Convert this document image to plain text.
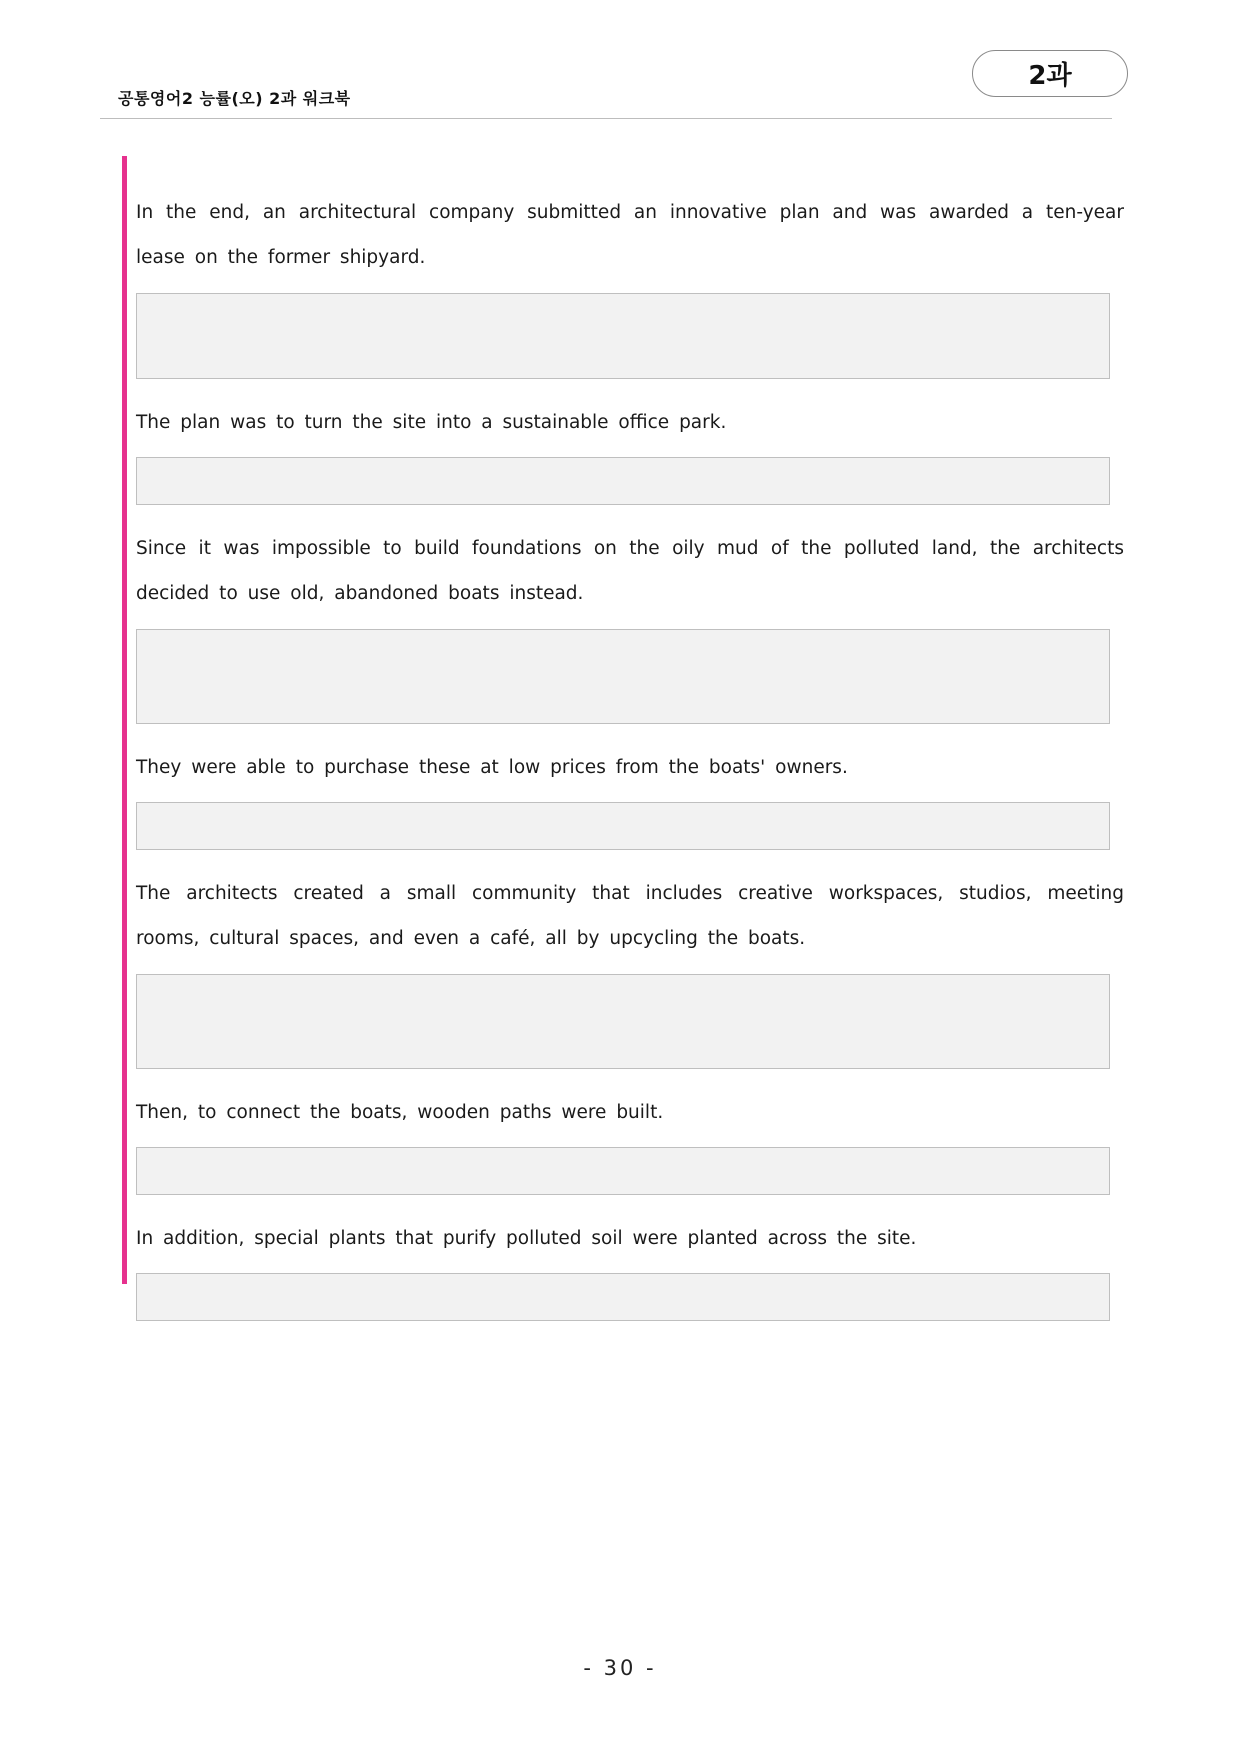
공통영어2 능률(오) 2과 워크북
2과

In the end, an architectural company submitted an innovative plan and was awarded a ten-year lease on the former shipyard.

The plan was to turn the site into a sustainable office park.

Since it was impossible to build foundations on the oily mud of the polluted land, the architects decided to use old, abandoned boats instead.

They were able to purchase these at low prices from the boats' owners.

The architects created a small community that includes creative workspaces, studios, meeting rooms, cultural spaces, and even a café, all by upcycling the boats.

Then, to connect the boats, wooden paths were built.

In addition, special plants that purify polluted soil were planted across the site.

- 30 -
